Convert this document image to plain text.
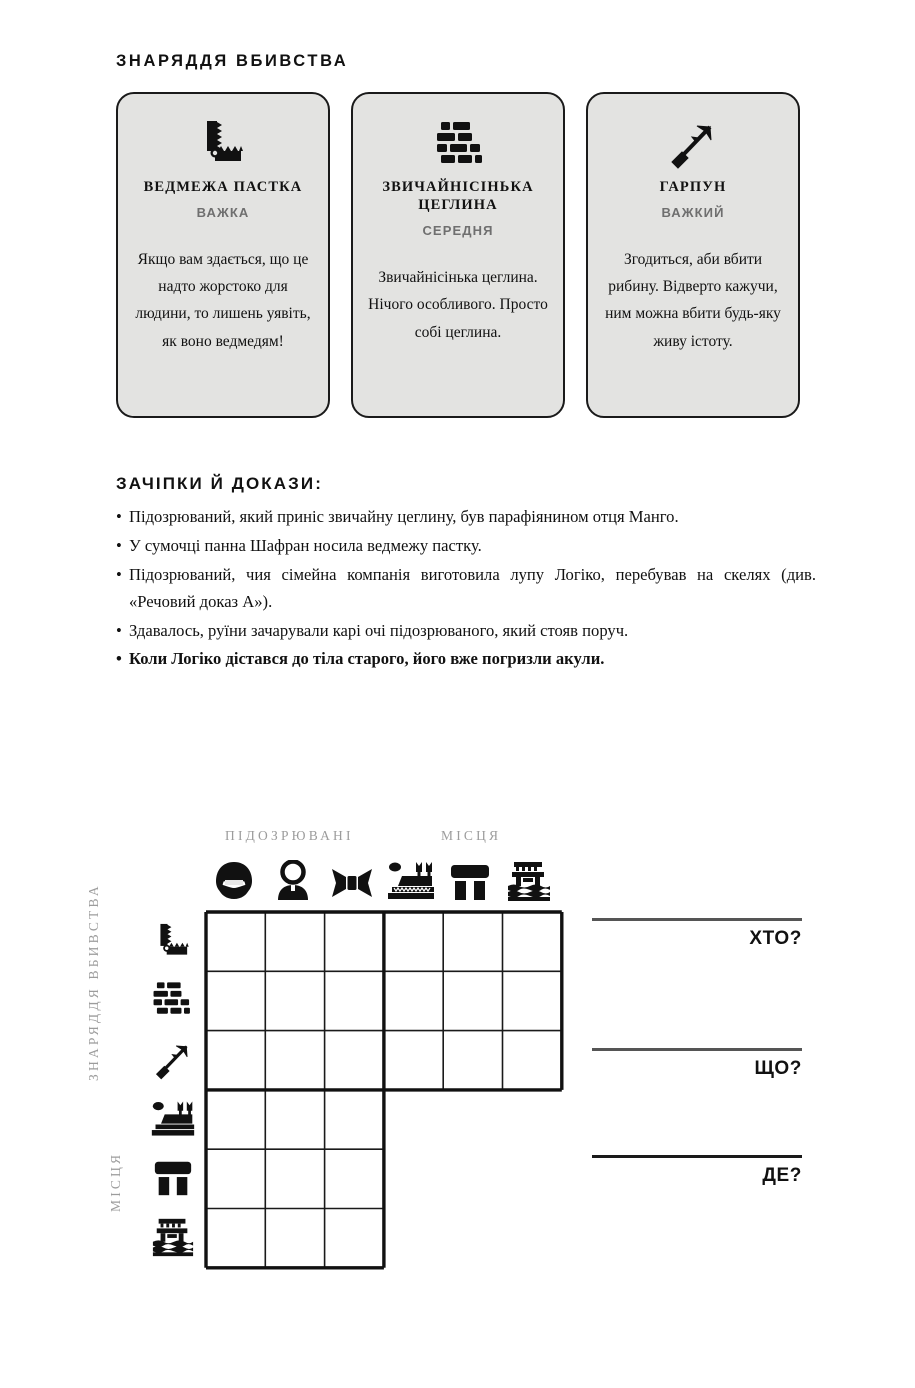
ЗНАРЯДДЯ ВБИВСТВА
ВЕДМЕЖА ПАСТКА
ВАЖКА
Якщо вам здається, що це надто жорстоко для людини, то лишень уявіть, як воно ведмедям!
ЗВИЧАЙНІСІНЬКА ЦЕГЛИНА
СЕРЕДНЯ
Звичайнісінька цеглина. Нічого особливого. Просто собі цеглина.
ГАРПУН
ВАЖКИЙ
Згодиться, аби вбити рибину. Відверто кажучи, ним можна вбити будь-яку живу істоту.
ЗАЧІПКИ Й ДОКАЗИ:
• Підозрюваний, який приніс звичайну цеглину, був парафіянином отця Манго.
• У сумочці панна Шафран носила ведмежу пастку.
• Підозрюваний, чия сімейна компанія виготовила лупу Логіко, перебував на скелях (див. «Речовий доказ А»).
• Здавалось, руїни зачарували карі очі підозрюваного, який стояв поруч.
• Коли Логіко дістався до тіла старого, його вже погризли акули.
ПІДОЗРЮВАНІ	МІСЦЯ
ЗНАРЯДДЯ ВБИВСТВА
МІСЦЯ
ХТО?
ЩО?
ДЕ?
